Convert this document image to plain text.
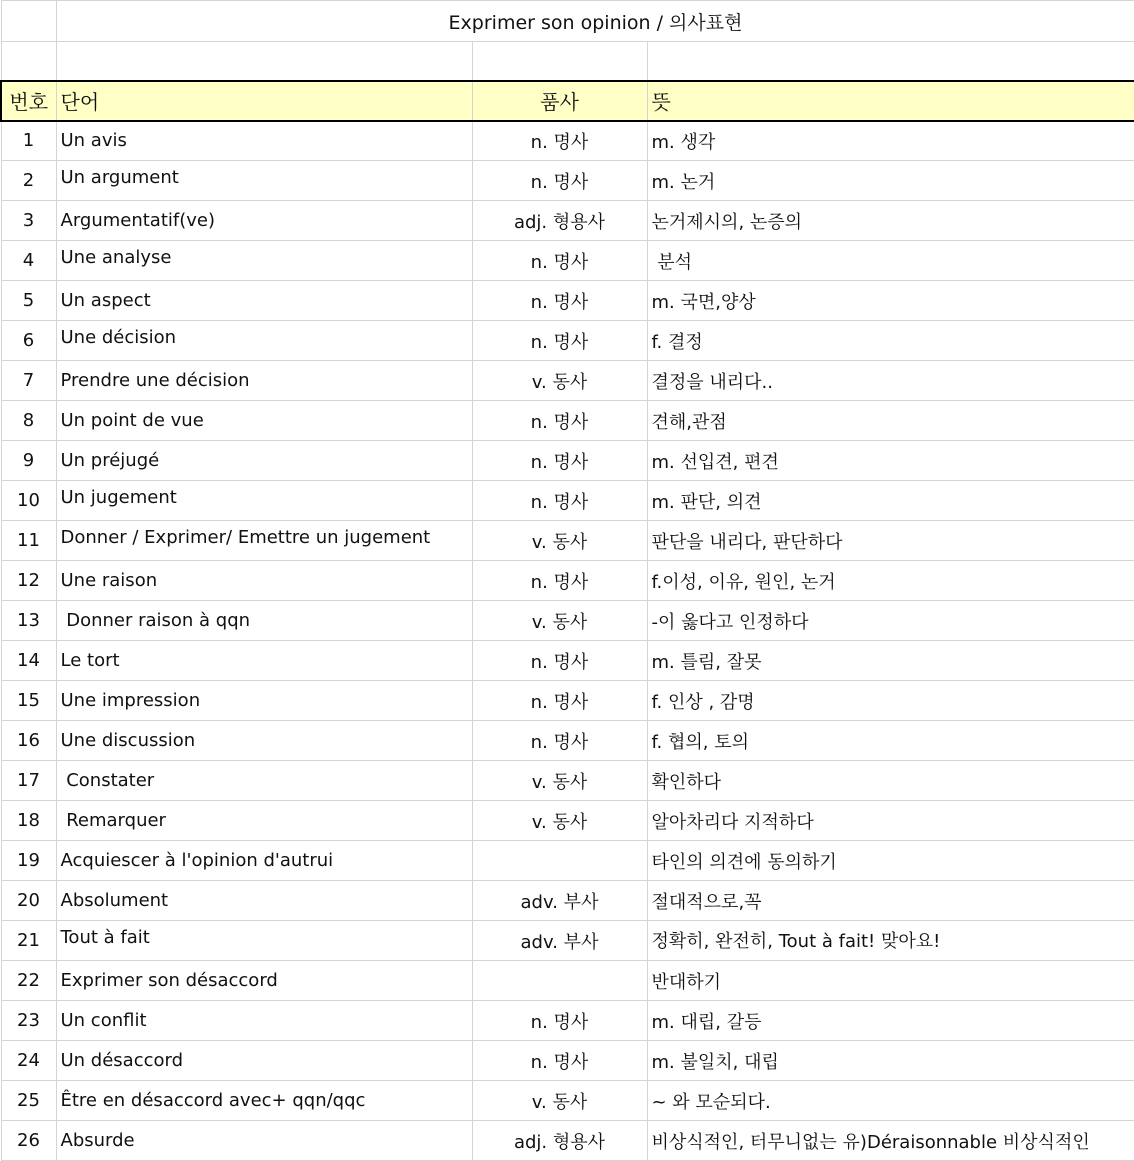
	Exprimer son opinion / 의사표현		

번호	단어	품사	뜻
1	Un avis	n. 명사	m. 생각
2	Un argument	n. 명사	m. 논거
3	Argumentatif(ve)	adj. 형용사	논거제시의, 논증의
4	Une analyse	n. 명사	분석
5	Un aspect	n. 명사	m. 국면,양상
6	Une décision	n. 명사	f. 결정
7	Prendre une décision	v. 동사	결정을 내리다..
8	Un point de vue	n. 명사	견해,관점
9	Un préjugé	n. 명사	m. 선입견, 편견
10	Un jugement	n. 명사	m. 판단, 의견
11	Donner / Exprimer/ Emettre un jugement	v. 동사	판단을 내리다, 판단하다
12	Une raison	n. 명사	f.이성, 이유, 원인, 논거
13	Donner raison à qqn	v. 동사	-이 옳다고 인정하다
14	Le tort	n. 명사	m. 틀림, 잘못
15	Une impression	n. 명사	f. 인상 , 감명
16	Une discussion	n. 명사	f. 협의, 토의
17	Constater	v. 동사	확인하다
18	Remarquer	v. 동사	알아차리다 지적하다
19	Acquiescer à l'opinion d'autrui		타인의 의견에 동의하기
20	Absolument	adv. 부사	절대적으로,꼭
21	Tout à fait	adv. 부사	정확히, 완전히, Tout à fait! 맞아요!
22	Exprimer son désaccord		반대하기
23	Un conflit	n. 명사	m. 대립, 갈등
24	Un désaccord	n. 명사	m. 불일치, 대립
25	Être en désaccord avec+ qqn/qqc	v. 동사	~ 와 모순되다.
26	Absurde	adj. 형용사	비상식적인, 터무니없는 유)Déraisonnable 비상식적인
